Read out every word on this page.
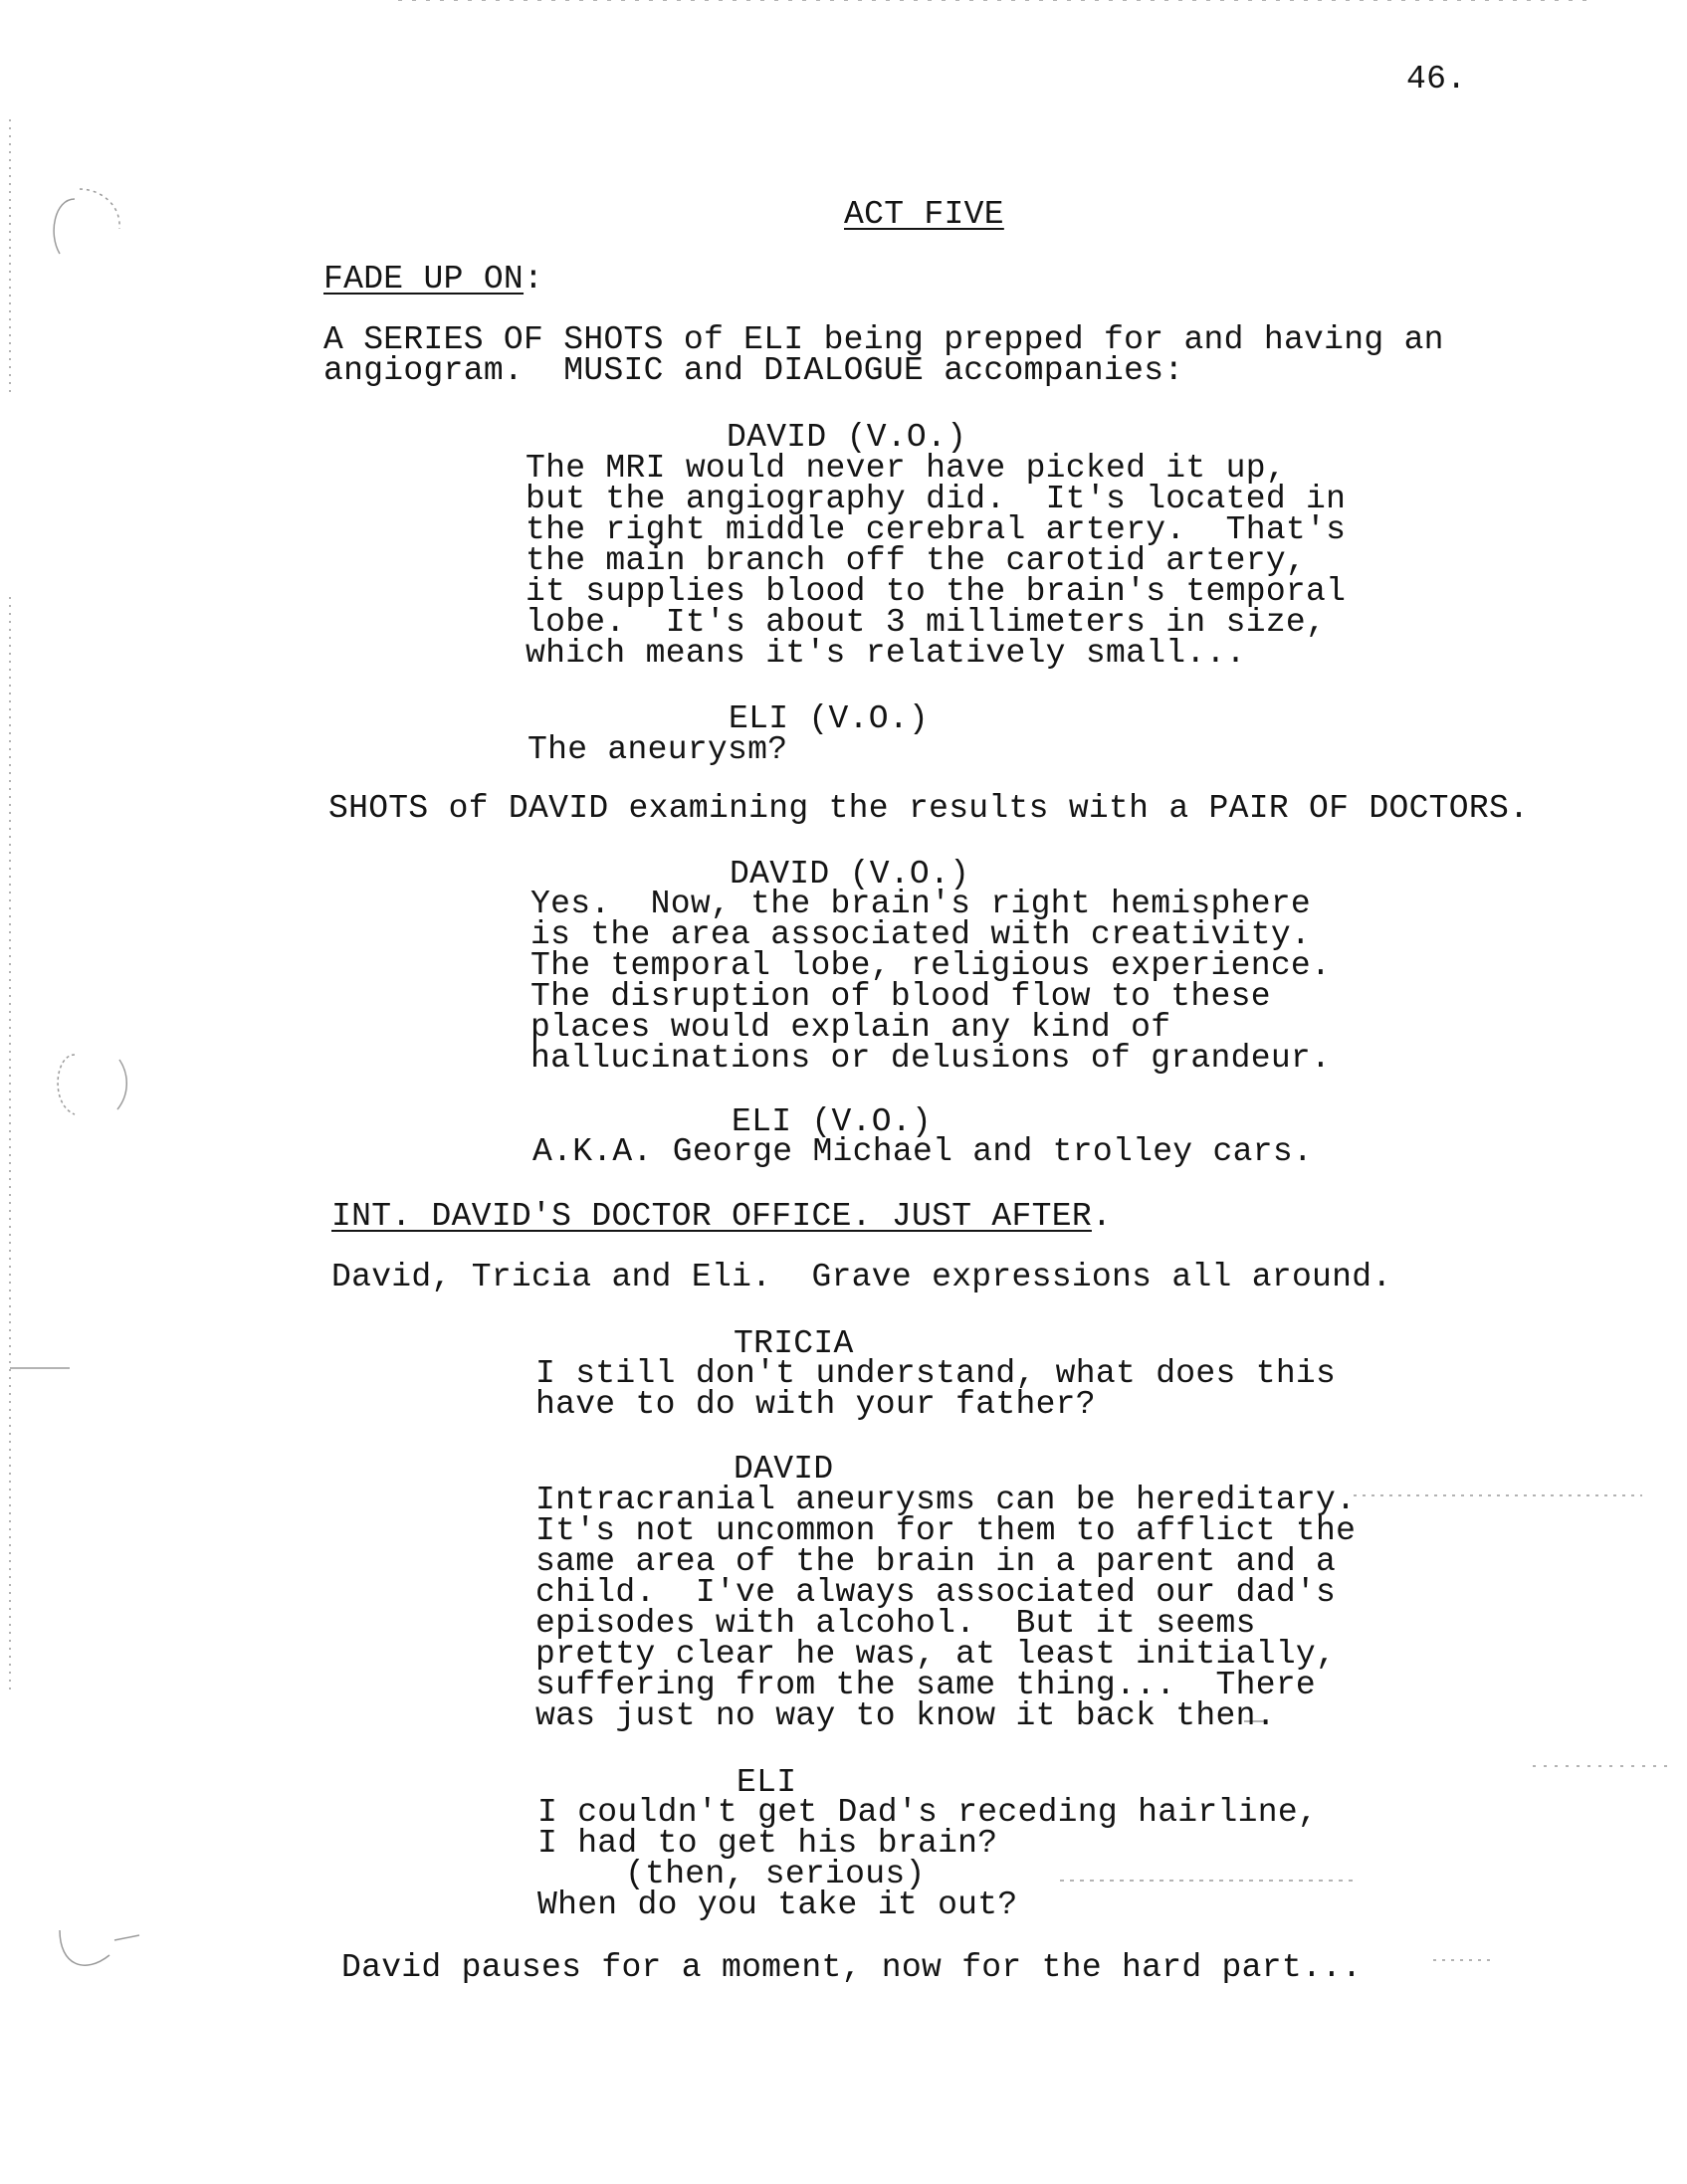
46.
ACT FIVE
FADE UP ON:
A SERIES OF SHOTS of ELI being prepped for and having an
angiogram.  MUSIC and DIALOGUE accompanies:
DAVID (V.O.)
The MRI would never have picked it up,
but the angiography did.  It's located in
the right middle cerebral artery.  That's
the main branch off the carotid artery,
it supplies blood to the brain's temporal
lobe.  It's about 3 millimeters in size,
which means it's relatively small...
ELI (V.O.)
The aneurysm?
SHOTS of DAVID examining the results with a PAIR OF DOCTORS.
DAVID (V.O.)
Yes.  Now, the brain's right hemisphere
is the area associated with creativity.
The temporal lobe, religious experience.
The disruption of blood flow to these
places would explain any kind of
hallucinations or delusions of grandeur.
ELI (V.O.)
A.K.A. George Michael and trolley cars.
INT. DAVID'S DOCTOR OFFICE. JUST AFTER.
David, Tricia and Eli.  Grave expressions all around.
TRICIA
I still don't understand, what does this
have to do with your father?
DAVID
Intracranial aneurysms can be hereditary.
It's not uncommon for them to afflict the
same area of the brain in a parent and a
child.  I've always associated our dad's
episodes with alcohol.  But it seems
pretty clear he was, at least initially,
suffering from the same thing...  There
was just no way to know it back then.
ELI
I couldn't get Dad's receding hairline,
I had to get his brain?
(then, serious)
When do you take it out?
David pauses for a moment, now for the hard part...
